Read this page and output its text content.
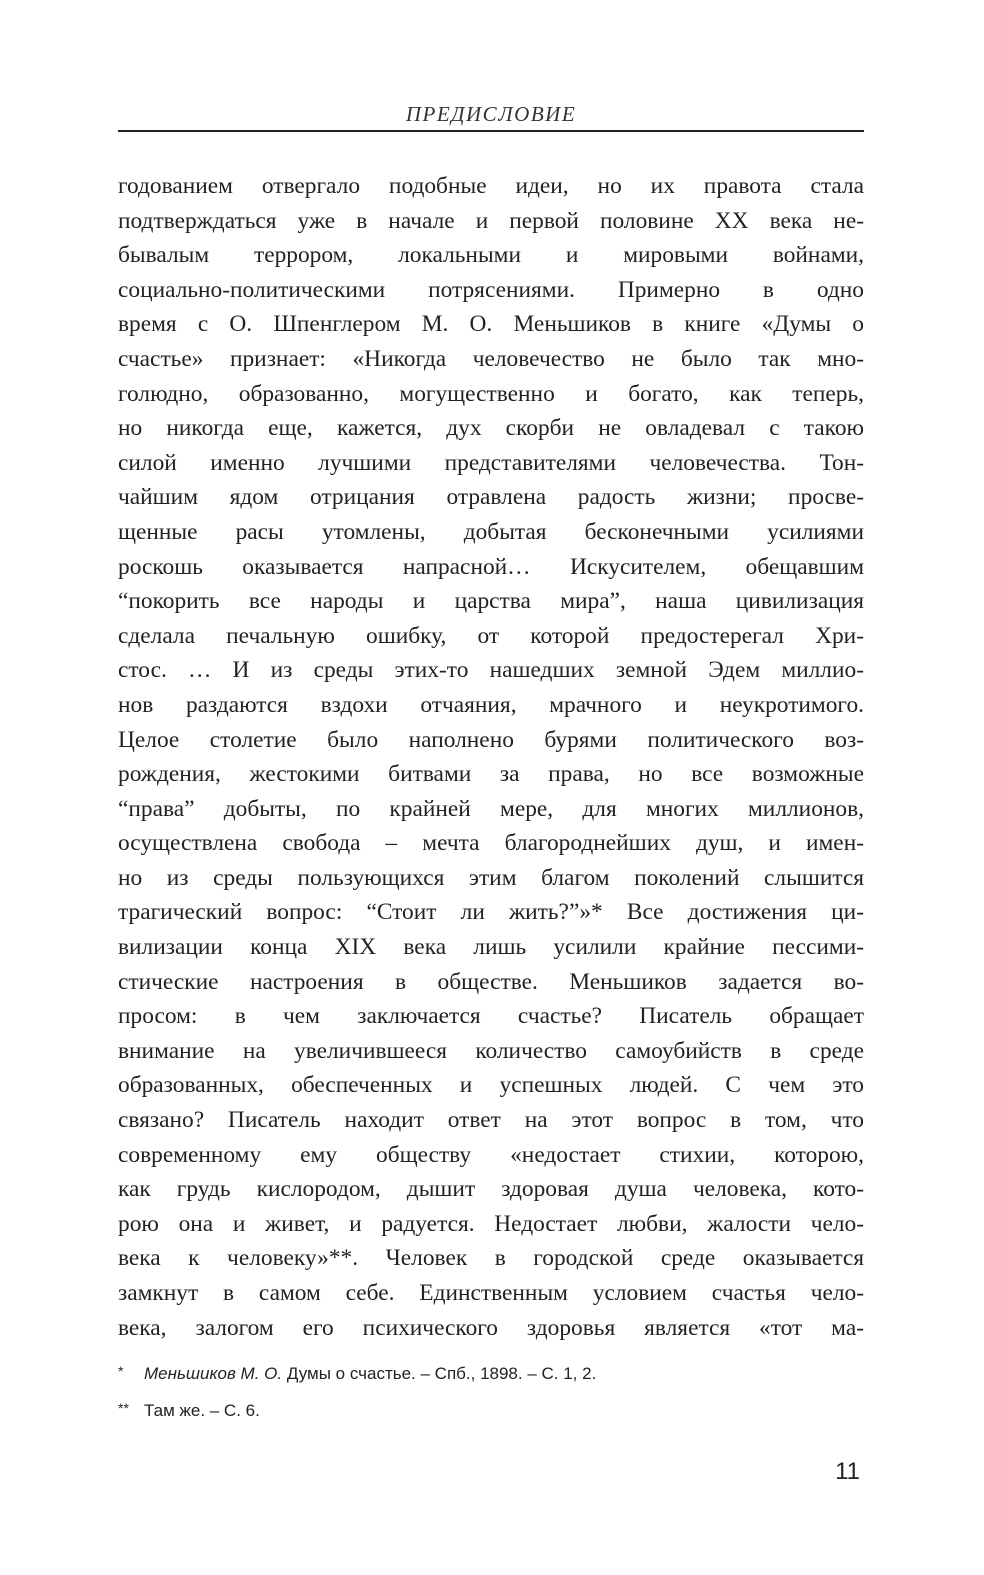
ПРЕДИСЛОВИЕ
годованием отвергало подобные идеи, но их правота стала
подтверждаться уже в начале и первой половине XX века не-
бывалым террором, локальными и мировыми войнами,
социально-политическими потрясениями. Примерно в одно
время с О. Шпенглером М. О. Меньшиков в книге «Думы о
счастье» признает: «Никогда человечество не было так мно-
голюдно, образованно, могущественно и богато, как теперь,
но никогда еще, кажется, дух скорби не овладевал с такою
силой именно лучшими представителями человечества. Тон-
чайшим ядом отрицания отравлена радость жизни; просве-
щенные расы утомлены, добытая бесконечными усилиями
роскошь оказывается напрасной… Искусителем, обещавшим
“покорить все народы и царства мира”, наша цивилизация
сделала печальную ошибку, от которой предостерегал Хри-
стос. … И из среды этих-то нашедших земной Эдем миллио-
нов раздаются вздохи отчаяния, мрачного и неукротимого.
Целое столетие было наполнено бурями политического воз-
рождения, жестокими битвами за права, но все возможные
“права” добыты, по крайней мере, для многих миллионов,
осуществлена свобода – мечта благороднейших душ, и имен-
но из среды пользующихся этим благом поколений слышится
трагический вопрос: “Стоит ли жить?”»* Все достижения ци-
вилизации конца XIX века лишь усилили крайние пессими-
стические настроения в обществе. Меньшиков задается во-
просом: в чем заключается счастье? Писатель обращает
внимание на увеличившееся количество самоубийств в среде
образованных, обеспеченных и успешных людей. С чем это
связано? Писатель находит ответ на этот вопрос в том, что
современному ему обществу «недостает стихии, которою,
как грудь кислородом, дышит здоровая душа человека, кото-
рою она и живет, и радуется. Недостает любви, жалости чело-
века к человеку»**. Человек в городской среде оказывается
замкнут в самом себе. Единственным условием счастья чело-
века, залогом его психического здоровья является «тот ма-
* Меньшиков М. О. Думы о счастье. – Спб., 1898. – С. 1, 2.
** Там же. – С. 6.
11
